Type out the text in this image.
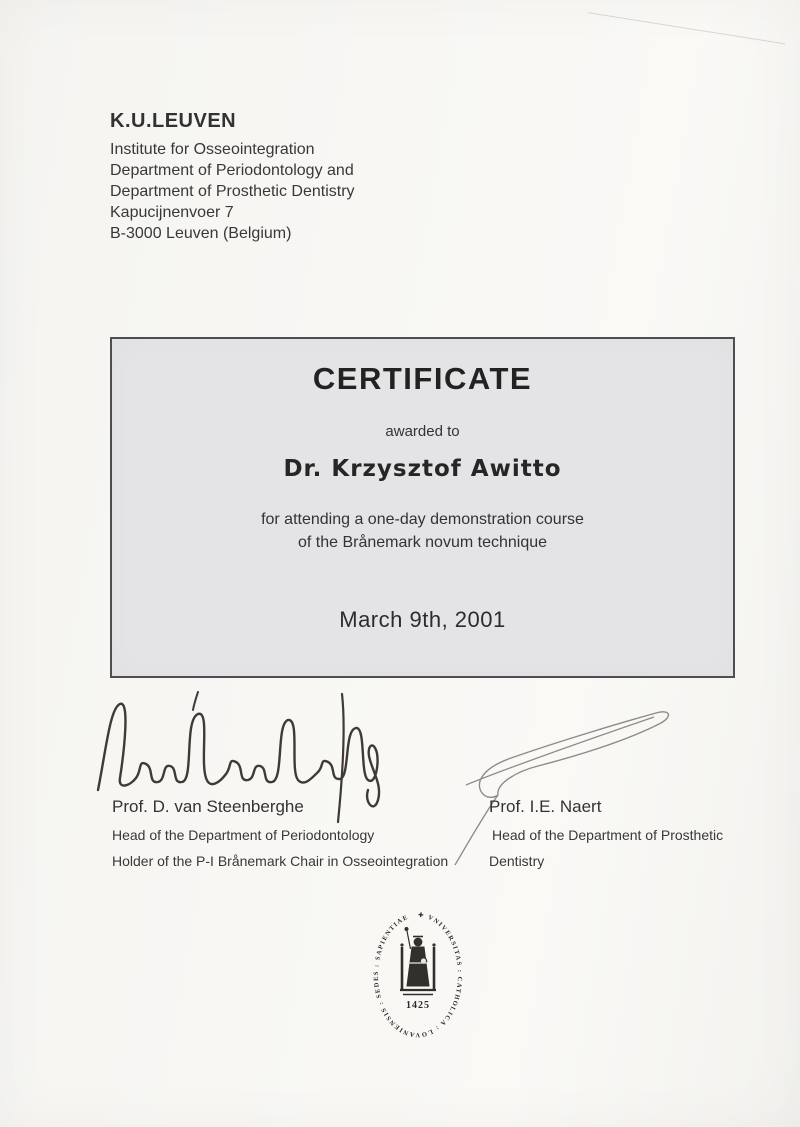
K.U.LEUVEN
Institute for Osseointegration
Department of Periodontology and
Department of Prosthetic Dentistry
Kapucijnenvoer 7
B-3000 Leuven (Belgium)
CERTIFICATE
awarded to
Dr. Krzysztof Awitto
for attending a one-day demonstration course
of the Brånemark novum technique
March 9th, 2001
Prof. D. van Steenberghe
Head of the Department of Periodontology
Holder of the P-I Brånemark Chair in Osseointegration
Prof. I.E. Naert
Head of the Department of Prosthetic
Dentistry
✚ VNIVERSITAS : CATHOLICA : LOVANIENSIS : SEDES : SAPIENTIAE
1425
